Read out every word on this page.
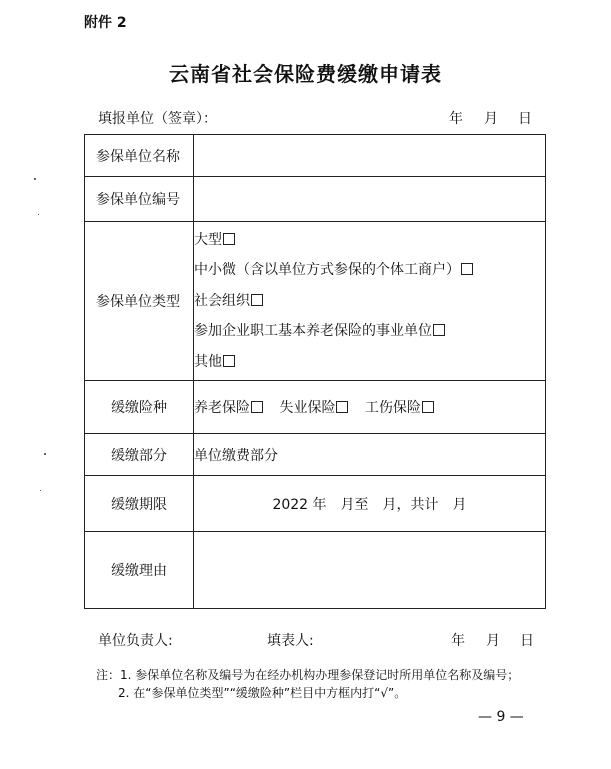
附件 2
云南省社会保险费缓缴申请表
填报单位（签章）：	年 月 日
参保单位名称	

参保单位编号	

参保单位类型	大型
中小微（含以单位方式参保的个体工商户）
社会组织
参加企业职工基本养老保险的事业单位
其他

缓缴险种	养老保险 失业保险 工伤保险

缓缴部分	单位缴费部分

缓缴期限	2022 年　月至　月，共计　月

缓缴理由	

单位负责人:	填表人:	年 月 日
注：1. 参保单位名称及编号为在经办机构办理参保登记时所用单位名称及编号；
2. 在“参保单位类型”“缓缴险种”栏目中方框内打“√”。
— 9 —
